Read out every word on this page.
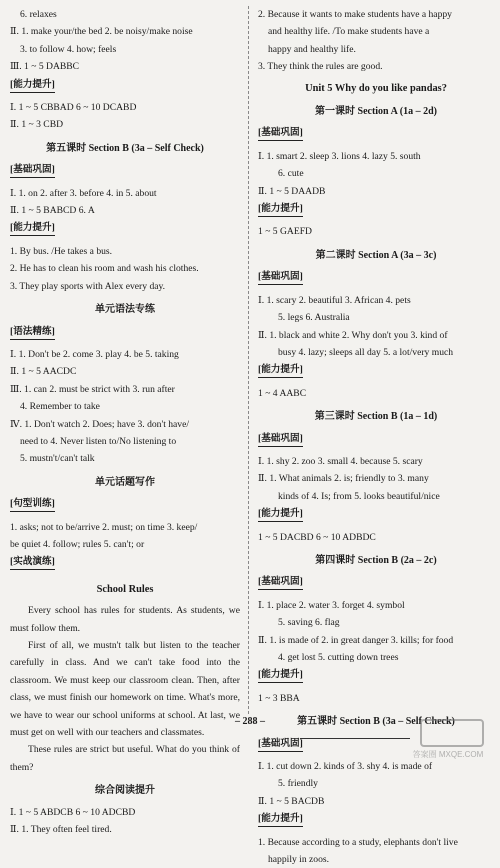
6. relaxes
Ⅱ. 1. make your/the bed 2. be noisy/make noise
3. to follow 4. how; feels
Ⅲ. 1 ~ 5 DABBC
[能力提升]
Ⅰ. 1 ~ 5 CBBAD 6 ~ 10 DCABD
Ⅱ. 1 ~ 3 CBD
第五课时 Section B (3a – Self Check)
[基础巩固]
Ⅰ. 1. on 2. after 3. before 4. in 5. about
Ⅱ. 1 ~ 5 BABCD 6. A
[能力提升]
1. By bus. /He takes a bus.
2. He has to clean his room and wash his clothes.
3. They play sports with Alex every day.
单元语法专练
[语法精练]
Ⅰ. 1. Don't be 2. come 3. play 4. be 5. taking
Ⅱ. 1 ~ 5 AACDC
Ⅲ. 1. can 2. must be strict with 3. run after
4. Remember to take
Ⅳ. 1. Don't watch 2. Does; have 3. don't have/
need to 4. Never listen to/No listening to
5. mustn't/can't talk
单元话题写作
[句型训练]
1. asks; not to be/arrive 2. must; on time 3. keep/
be quiet 4. follow; rules 5. can't; or
[实战演练]
School Rules

Every school has rules for students. As students, we must follow them.

First of all, we mustn't talk but listen to the teacher carefully in class. And we can't take food into the classroom. We must keep our classroom clean. Then, after class, we must finish our homework on time. What's more, we have to wear our school uniforms at school. At last, we must get on well with our teachers and classmates.

These rules are strict but useful. What do you think of them?

综合阅读提升
Ⅰ. 1 ~ 5 ABDCB 6 ~ 10 ADCBD
Ⅱ. 1. They often feel tired.
2. Because it wants to make students have a happy
and healthy life. /To make students have a
happy and healthy life.
3. They think the rules are good.
Unit 5 Why do you like pandas?
第一课时 Section A (1a – 2d)
[基础巩固]
Ⅰ. 1. smart 2. sleep 3. lions 4. lazy 5. south
6. cute
Ⅱ. 1 ~ 5 DAADB
[能力提升]
1 ~ 5 GAEFD
第二课时 Section A (3a – 3c)
[基础巩固]
Ⅰ. 1. scary 2. beautiful 3. African 4. pets
5. legs 6. Australia
Ⅱ. 1. black and white 2. Why don't you 3. kind of
busy 4. lazy; sleeps all day 5. a lot/very much
[能力提升]
1 ~ 4 AABC
第三课时 Section B (1a – 1d)
[基础巩固]
Ⅰ. 1. shy 2. zoo 3. small 4. because 5. scary
Ⅱ. 1. What animals 2. is; friendly to 3. many
kinds of 4. Is; from 5. looks beautiful/nice
[能力提升]
1 ~ 5 DACBD 6 ~ 10 ADBDC
第四课时 Section B (2a – 2c)
[基础巩固]
Ⅰ. 1. place 2. water 3. forget 4. symbol
5. saving 6. flag
Ⅱ. 1. is made of 2. in great danger 3. kills; for food
4. get lost 5. cutting down trees
[能力提升]
1 ~ 3 BBA
第五课时 Section B (3a – Self Check)
[基础巩固]
Ⅰ. 1. cut down 2. kinds of 3. shy 4. is made of
5. friendly
Ⅱ. 1 ~ 5 BACDB
[能力提升]
1. Because according to a study, elephants don't live
happily in zoos.
– 288 –
答案圈 MXQE.COM
